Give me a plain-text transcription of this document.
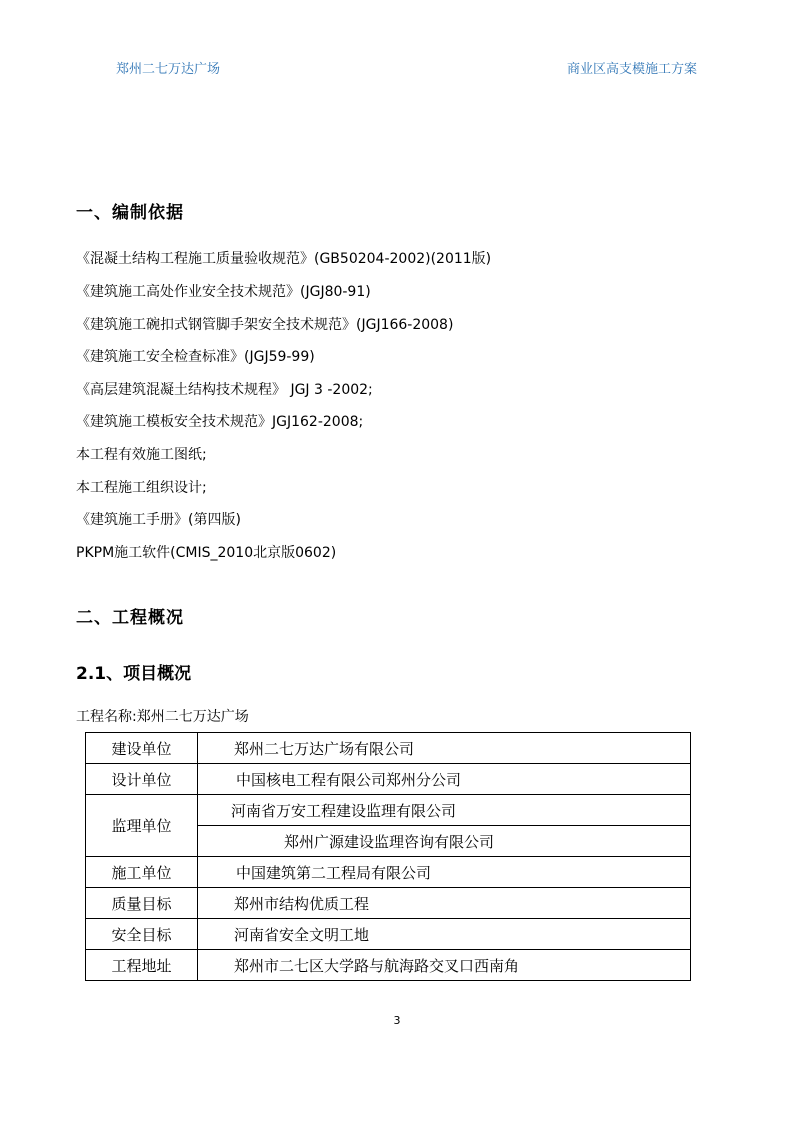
郑州二七万达广场	商业区高支模施工方案
一、编制依据
《混凝土结构工程施工质量验收规范》(GB50204-2002)(2011版)
《建筑施工高处作业安全技术规范》(JGJ80-91)
《建筑施工碗扣式钢管脚手架安全技术规范》(JGJ166-2008)
《建筑施工安全检查标准》(JGJ59-99)
《高层建筑混凝土结构技术规程》 JGJ 3 -2002;
《建筑施工模板安全技术规范》JGJ162-2008;
本工程有效施工图纸;
本工程施工组织设计;
《建筑施工手册》(第四版)
PKPM施工软件(CMIS_2010北京版0602)
二、工程概况
2.1、项目概况
工程名称:郑州二七万达广场
建设单位	郑州二七万达广场有限公司
设计单位	中国核电工程有限公司郑州分公司
监理单位	河南省万安工程建设监理有限公司
	郑州广源建设监理咨询有限公司
施工单位	中国建筑第二工程局有限公司
质量目标	郑州市结构优质工程
安全目标	河南省安全文明工地
工程地址	郑州市二七区大学路与航海路交叉口西南角
3
